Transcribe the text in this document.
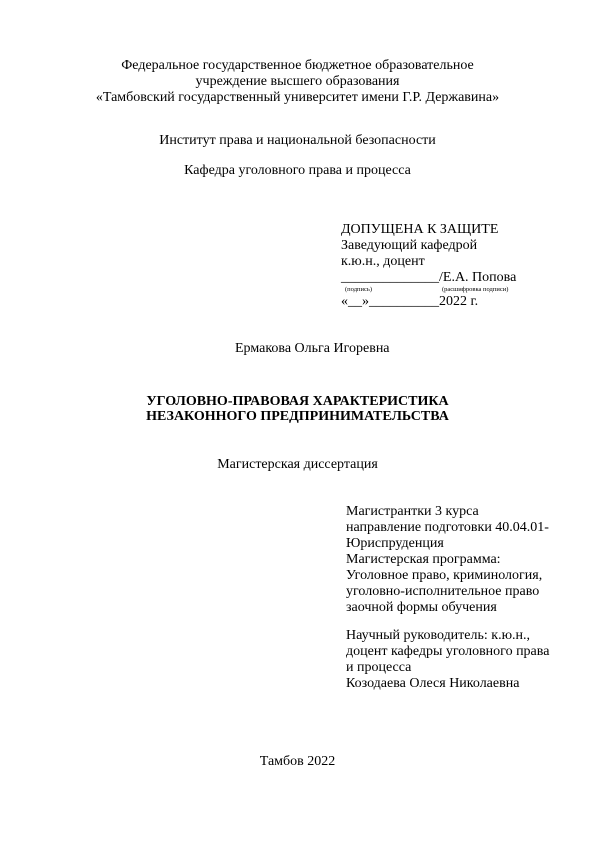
Федеральное государственное бюджетное образовательное
учреждение высшего образования
«Тамбовский государственный университет имени Г.Р. Державина»
Институт права и национальной безопасности
Кафедра уголовного права и процесса
ДОПУЩЕНА К ЗАЩИТЕ
Заведующий кафедрой
к.ю.н., доцент
______________/Е.А. Попова
(подпись)	(расшифровка подписи)
«__»__________2022 г.
Ермакова Ольга Игоревна
УГОЛОВНО-ПРАВОВАЯ ХАРАКТЕРИСТИКА
НЕЗАКОННОГО ПРЕДПРИНИМАТЕЛЬСТВА
Магистерская диссертация
Магистрантки 3 курса
направление подготовки 40.04.01-
Юриспруденция
Магистерская программа:
Уголовное право, криминология,
уголовно-исполнительное право
заочной формы обучения
Научный руководитель: к.ю.н.,
доцент кафедры уголовного права
и процесса
Козодаева Олеся Николаевна
Тамбов 2022
